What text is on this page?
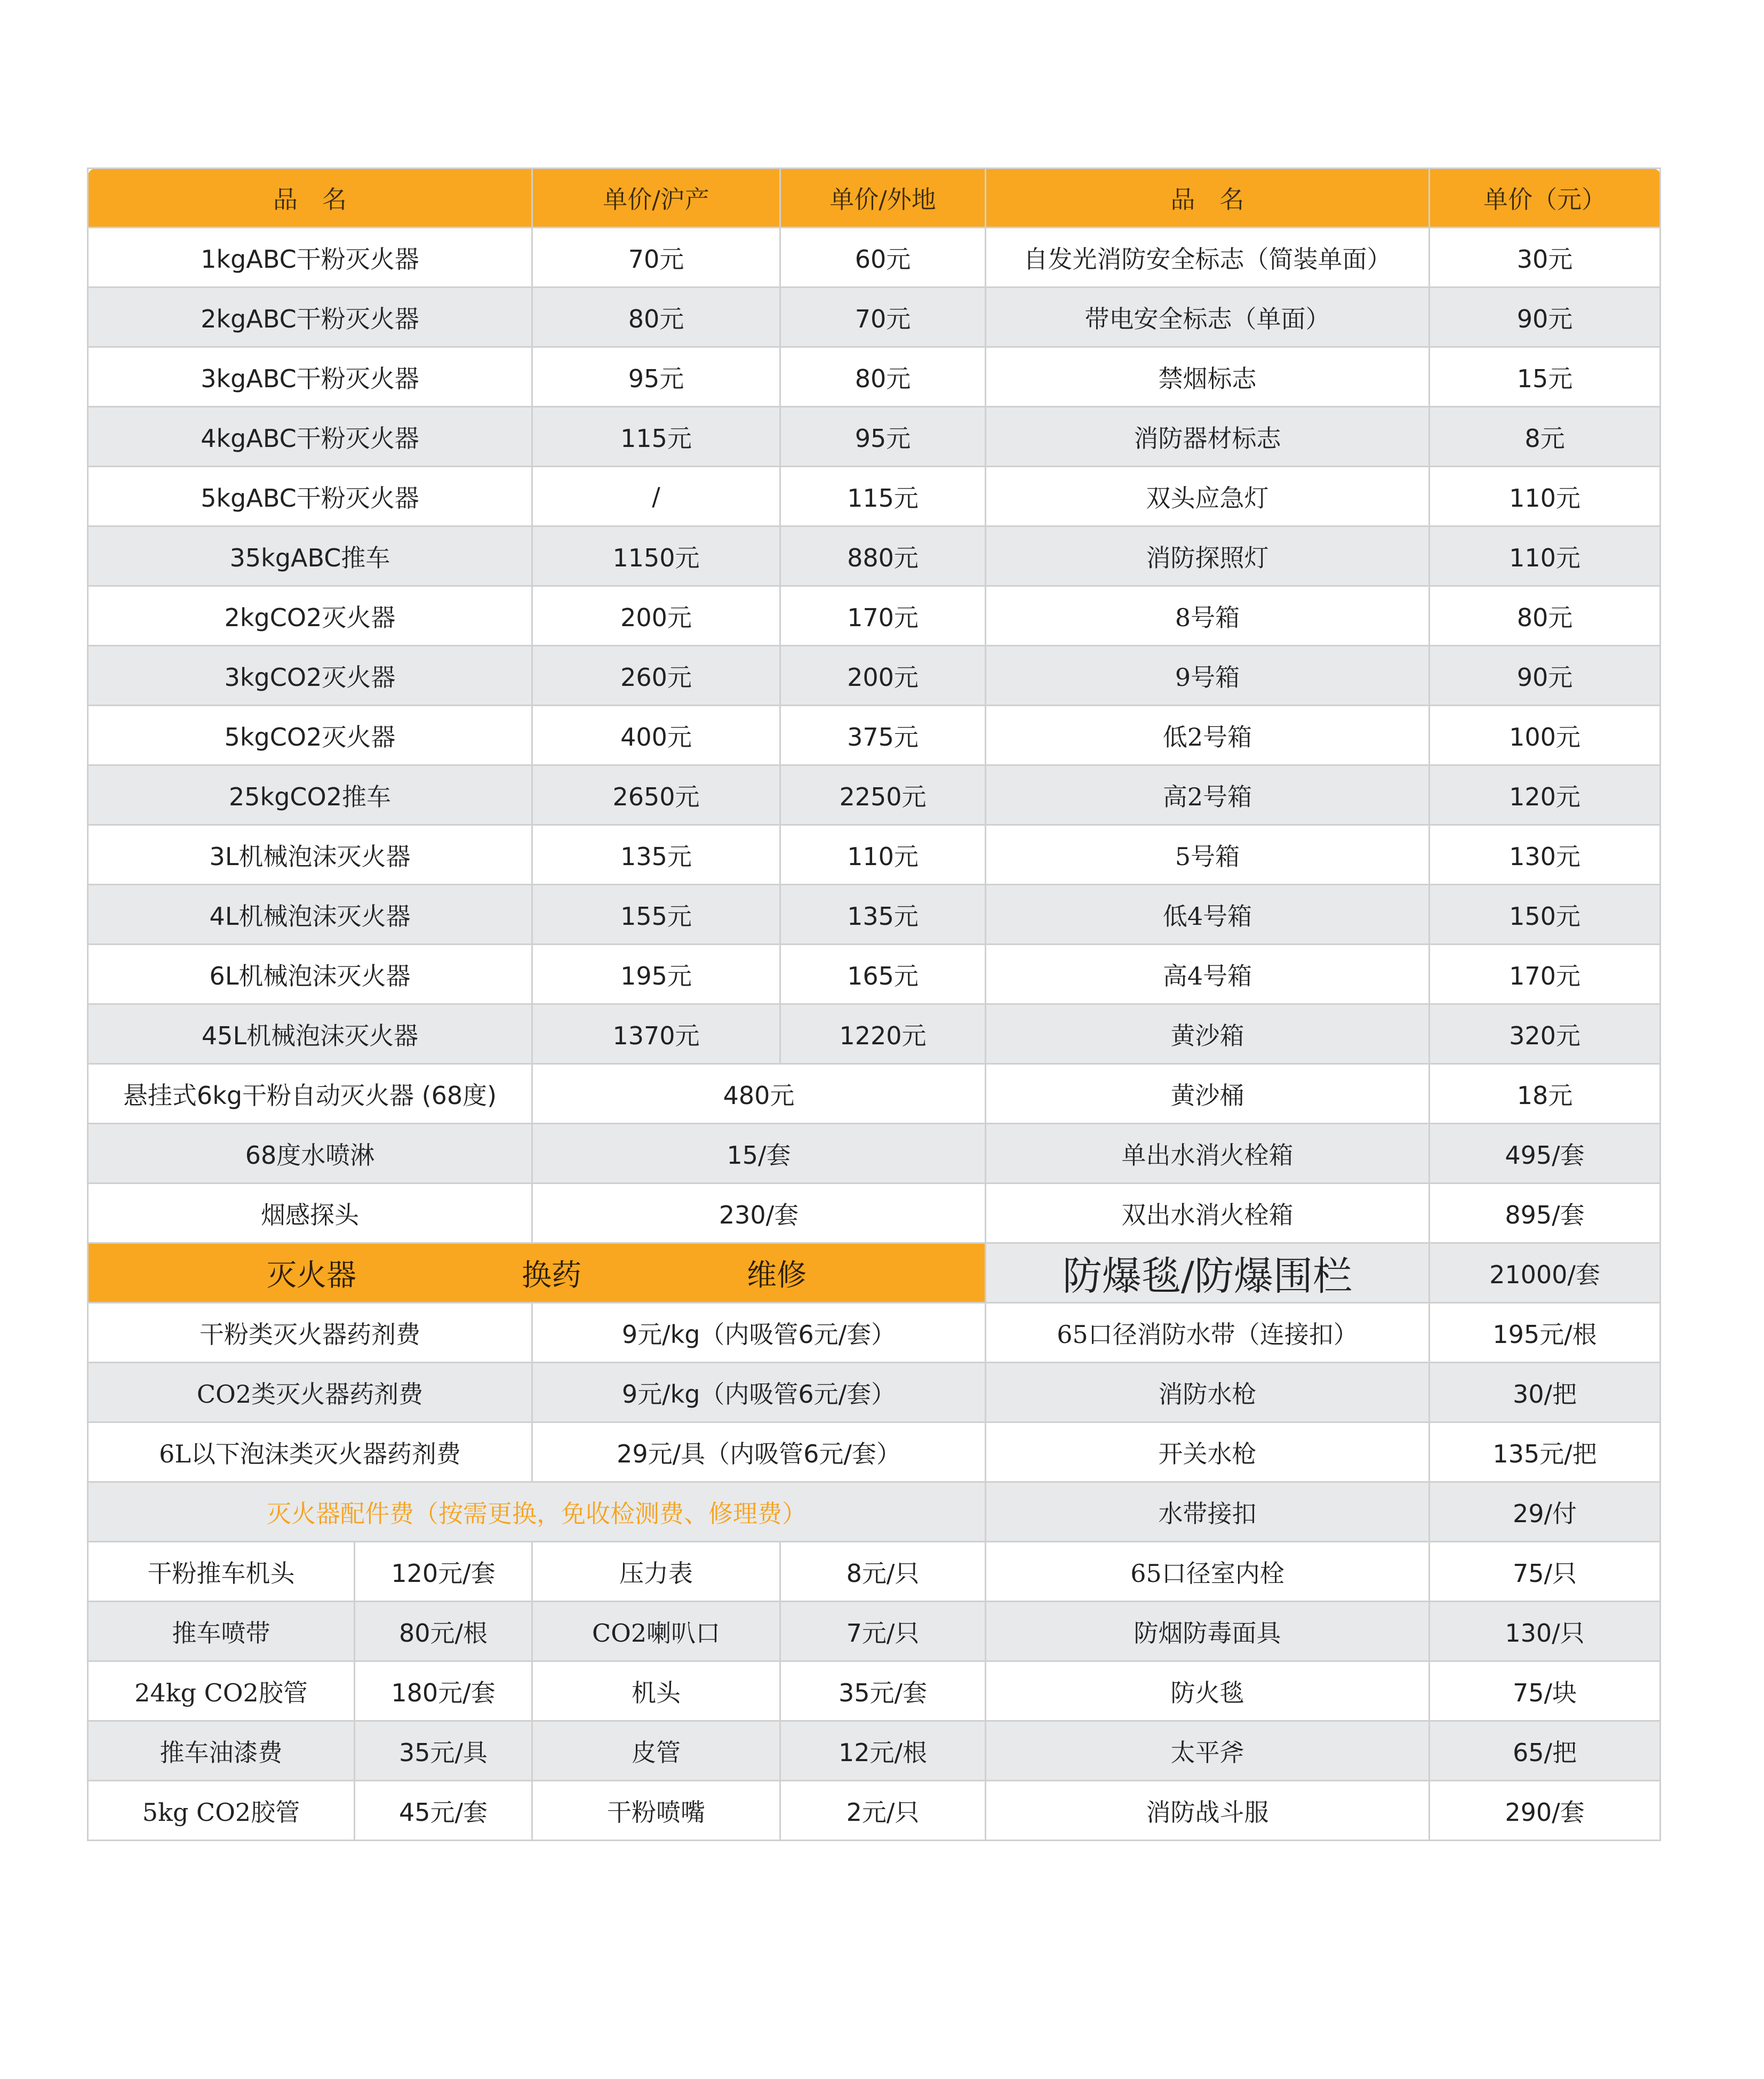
品　名		单价/沪产	单价/外地	品　名	单价（元）
1kgABC干粉灭火器		70元	60元	自发光消防安全标志（简装单面）	30元
2kgABC干粉灭火器		80元	70元	带电安全标志（单面）	90元
3kgABC干粉灭火器		95元	80元	禁烟标志	15元
4kgABC干粉灭火器		115元	95元	消防器材标志	8元
5kgABC干粉灭火器		/	115元	双头应急灯	110元
35kgABC推车		1150元	880元	消防探照灯	110元
2kgCO2灭火器		200元	170元	8号箱	80元
3kgCO2灭火器		260元	200元	9号箱	90元
5kgCO2灭火器		400元	375元	低2号箱	100元
25kgCO2推车		2650元	2250元	高2号箱	120元
3L机械泡沫灭火器		135元	110元	5号箱	130元
4L机械泡沫灭火器		155元	135元	低4号箱	150元
6L机械泡沫灭火器		195元	165元	高4号箱	170元
45L机械泡沫灭火器		1370元	1220元	黄沙箱	320元
悬挂式6kg干粉自动灭火器 (68度)		480元		黄沙桶	18元
68度水喷淋		15/套		单出水消火栓箱	495/套
烟感探头		230/套		双出水消火栓箱	895/套
灭火器 换药 维修				防爆毯/防爆围栏	21000/套
干粉类灭火器药剂费		9元/kg（内吸管6元/套）		65口径消防水带（连接扣）	195元/根
CO2类灭火器药剂费		9元/kg（内吸管6元/套）		消防水枪	30/把
6L以下泡沫类灭火器药剂费		29元/具（内吸管6元/套）		开关水枪	135元/把
灭火器配件费（按需更换，免收检测费、修理费）				水带接扣	29/付
干粉推车机头	120元/套	压力表	8元/只	65口径室内栓	75/只
推车喷带	80元/根	CO2喇叭口	7元/只	防烟防毒面具	130/只
24kg CO2胶管	180元/套	机头	35元/套	防火毯	75/块
推车油漆费	35元/具	皮管	12元/根	太平斧	65/把
5kg CO2胶管	45元/套	干粉喷嘴	2元/只	消防战斗服	290/套
